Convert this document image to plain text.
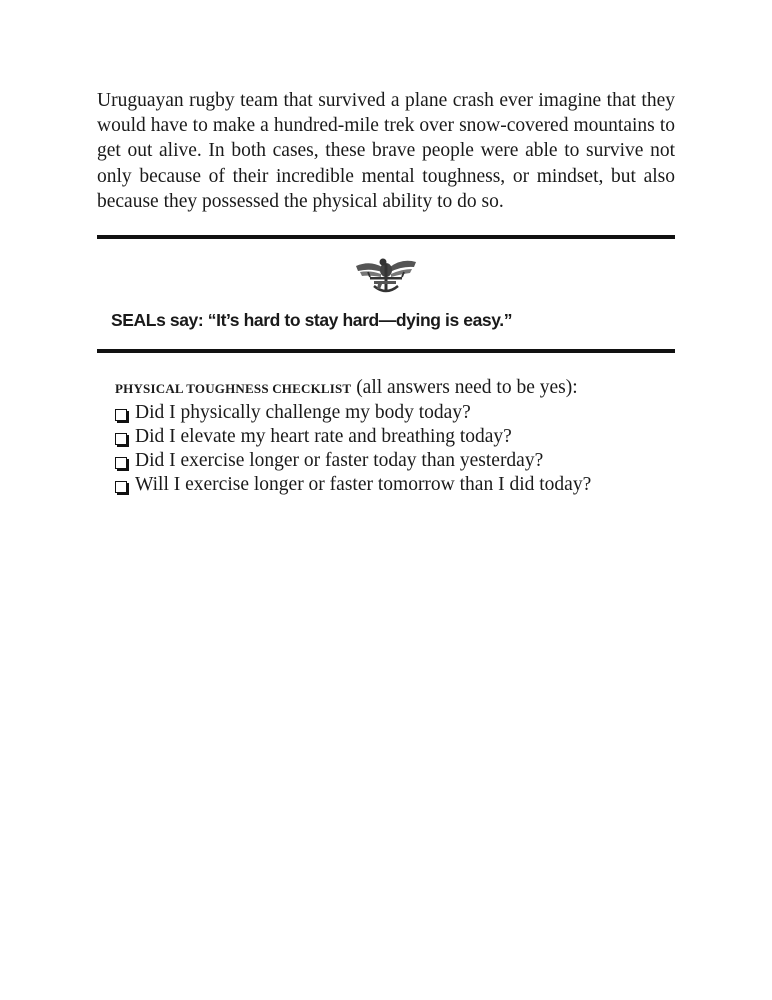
Uruguayan rugby team that survived a plane crash ever imagine that they would have to make a hundred-mile trek over snow-covered mountains to get out alive. In both cases, these brave people were able to survive not only because of their incredible mental toughness, or mindset, but also because they possessed the physical ability to do so.

SEALs say: “It’s hard to stay hard—dying is easy.”

PHYSICAL TOUGHNESS CHECKLIST (all answers need to be yes):

Did I physically challenge my body today?
Did I elevate my heart rate and breathing today?
Did I exercise longer or faster today than yesterday?
Will I exercise longer or faster tomorrow than I did today?
